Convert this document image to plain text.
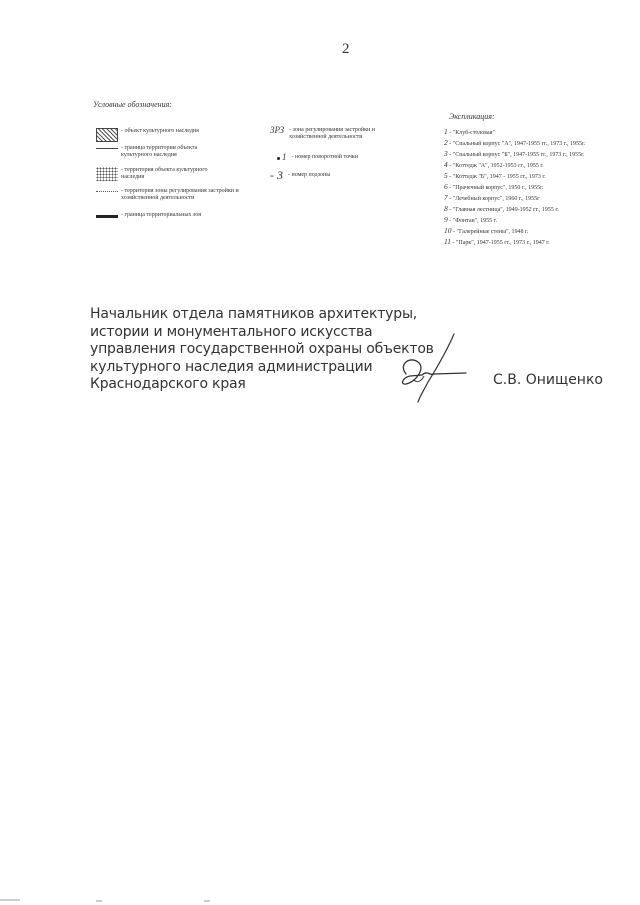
2
Условные обозначения:
- объект культурного наследия
- граница территории объекта культурного наследия
- территория объекта культурного наследия
- территория зоны регулирования застройки и хозяйственной деятельности
- граница территориальных зон
ЗРЗ - зона регулирования застройки и хозяйственной деятельности
1 - номер поворотной точки
- 3 - номер подзоны
Экспликация:
1 - "Клуб-столовая"
2 - "Спальный корпус "А", 1947-1955 гг., 1973 г., 1955г.
3 - "Спальный корпус "Б", 1947-1955 гг., 1973 г., 1955г.
4 - "Коттедж "А", 1952-1953 гг., 1955 г.
5 - "Коттедж "Б", 1947 - 1955 гг., 1973 г.
6 - "Прачечный корпус", 1950 г., 1955г.
7 - "Лечебный корпус", 1960 г., 1955г
8 - "Главная лестница", 1949-1952 гг., 1955 г.
9 - "Фонтан", 1955 г.
10 - "Галерейные стены", 1948 г.
11 - "Парк", 1947-1955 гг., 1973 г., 1947 г.
Начальник отдела памятников архитектуры,
истории и монументального искусства
управления государственной охраны объектов
культурного наследия администрации
Краснодарского края	С.В. Онищенко
